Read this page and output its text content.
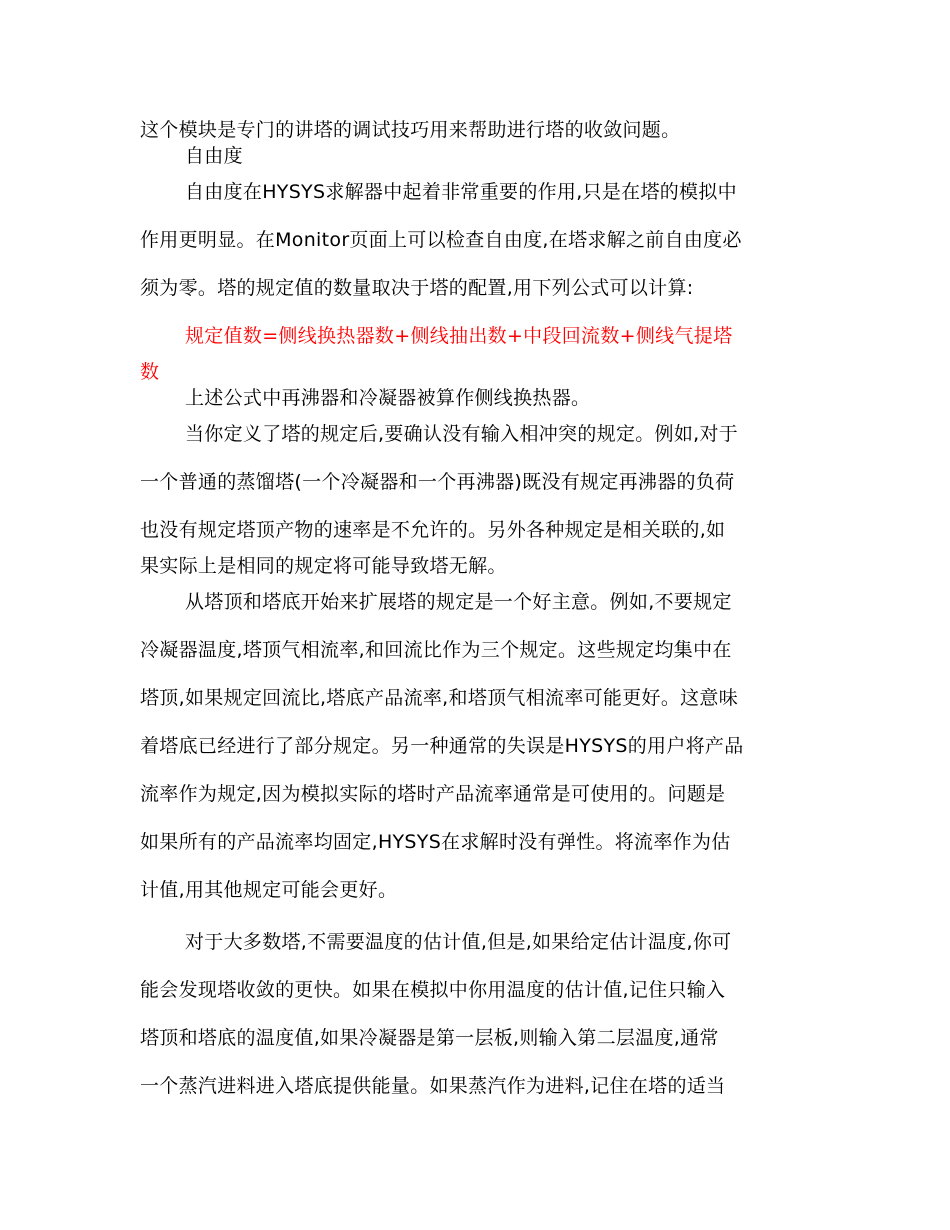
这个模块是专门的讲塔的调试技巧用来帮助进行塔的收敛问题。
自由度
自由度在HYSYS求解器中起着非常重要的作用,只是在塔的模拟中
作用更明显。在Monitor页面上可以检查自由度,在塔求解之前自由度必
须为零。塔的规定值的数量取决于塔的配置,用下列公式可以计算:
规定值数=侧线换热器数+侧线抽出数+中段回流数+侧线气提塔
数
上述公式中再沸器和冷凝器被算作侧线换热器。
当你定义了塔的规定后,要确认没有输入相冲突的规定。例如,对于
一个普通的蒸馏塔(一个冷凝器和一个再沸器)既没有规定再沸器的负荷
也没有规定塔顶产物的速率是不允许的。另外各种规定是相关联的,如
果实际上是相同的规定将可能导致塔无解。
从塔顶和塔底开始来扩展塔的规定是一个好主意。例如,不要规定
冷凝器温度,塔顶气相流率,和回流比作为三个规定。这些规定均集中在
塔顶,如果规定回流比,塔底产品流率,和塔顶气相流率可能更好。这意味
着塔底已经进行了部分规定。另一种通常的失误是HYSYS的用户将产品
流率作为规定,因为模拟实际的塔时产品流率通常是可使用的。问题是
如果所有的产品流率均固定,HYSYS在求解时没有弹性。将流率作为估
计值,用其他规定可能会更好。
对于大多数塔,不需要温度的估计值,但是,如果给定估计温度,你可
能会发现塔收敛的更快。如果在模拟中你用温度的估计值,记住只输入
塔顶和塔底的温度值,如果冷凝器是第一层板,则输入第二层温度,通常
一个蒸汽进料进入塔底提供能量。如果蒸汽作为进料,记住在塔的适当
